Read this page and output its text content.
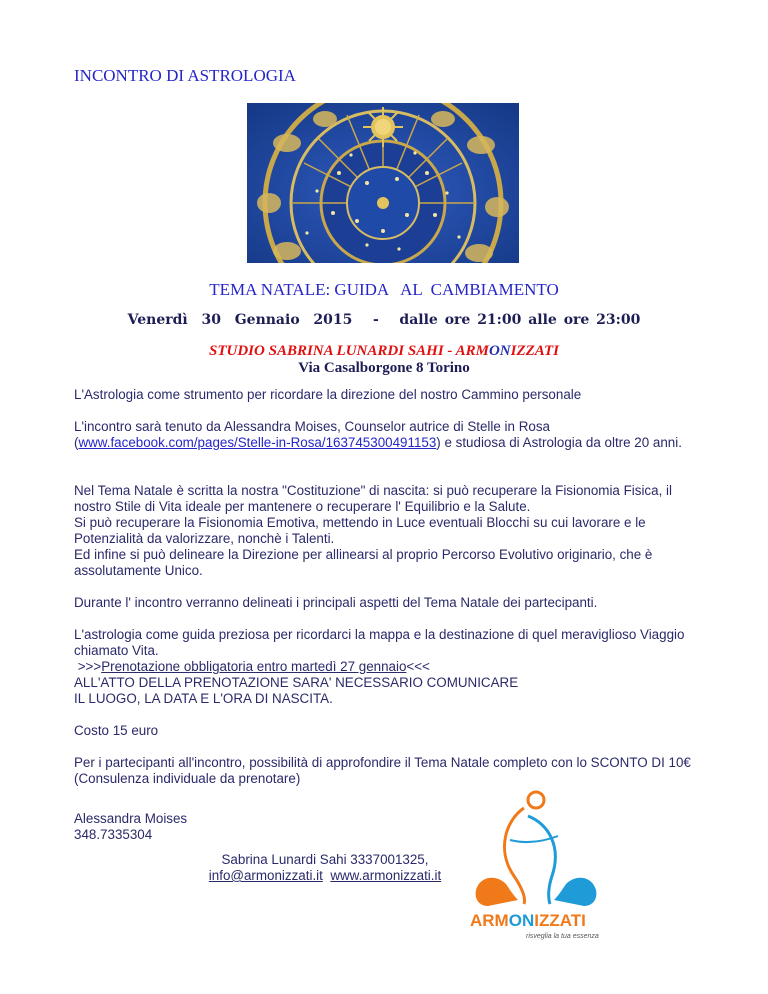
INCONTRO DI ASTROLOGIA
TEMA NATALE: GUIDA   AL  CAMBIAMENTO
Venerdì  30  Gennaio  2015   -   dalle ore 21:00 alle ore 23:00
STUDIO SABRINA LUNARDI SAHI - ARMONIZZATI
Via Casalborgone 8 Torino
L'Astrologia come strumento per ricordare la direzione del nostro Cammino personale
L'incontro sarà tenuto da Alessandra Moises, Counselor autrice di Stelle in Rosa (www.facebook.com/pages/Stelle-in-Rosa/163745300491153) e studiosa di Astrologia da oltre 20 anni.
Nel Tema Natale è scritta la nostra "Costituzione" di nascita: si può recuperare la Fisionomia Fisica, il nostro Stile di Vita ideale per mantenere o recuperare l' Equilibrio e la Salute.
Si può recuperare la Fisionomia Emotiva, mettendo in Luce eventuali Blocchi su cui lavorare e le Potenzialità da valorizzare, nonchè i Talenti.
Ed infine si può delineare la Direzione per allinearsi al proprio Percorso Evolutivo originario, che è assolutamente Unico.
Durante l' incontro verranno delineati i principali aspetti del Tema Natale dei partecipanti.
L'astrologia come guida preziosa per ricordarci la mappa e la destinazione di quel meraviglioso Viaggio chiamato Vita.
>>>Prenotazione obbligatoria entro martedì 27 gennaio<<<
ALL'ATTO DELLA PRENOTAZIONE SARA' NECESSARIO COMUNICARE
IL LUOGO, LA DATA E L'ORA DI NASCITA.
Costo 15 euro
Per i partecipanti all'incontro, possibilità di approfondire il Tema Natale completo con lo SCONTO DI 10€ (Consulenza individuale da prenotare)
Alessandra Moises
348.7335304
Sabrina Lunardi Sahi 3337001325,
info@armonizzati.it www.armonizzati.it
ARMONIZZATI
risveglia la tua essenza
